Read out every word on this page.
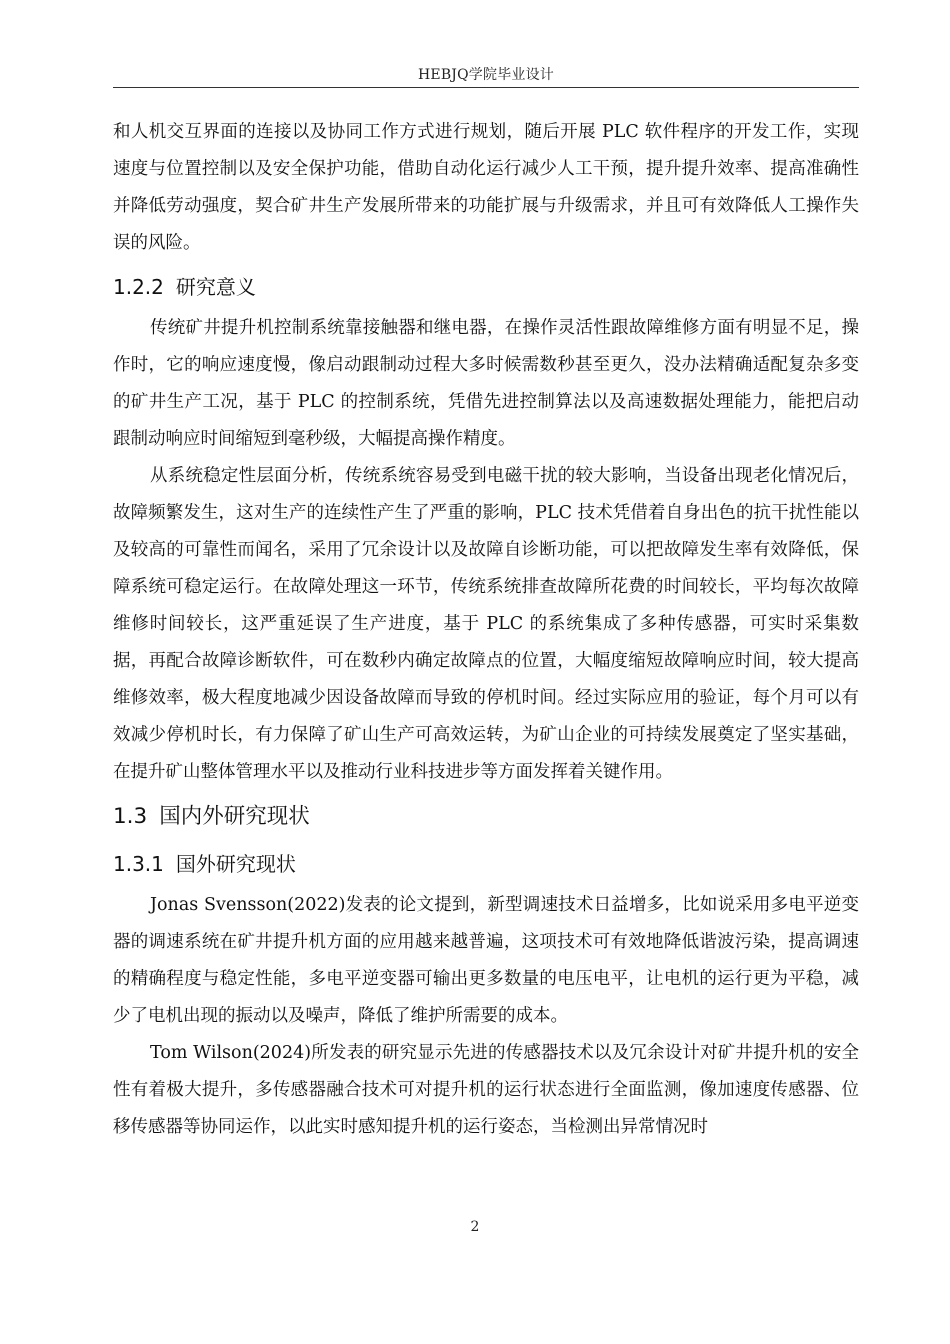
HEBJQ学院毕业设计

和人机交互界面的连接以及协同工作方式进行规划，随后开展 PLC 软件程序的开发工作，实现速度与位置控制以及安全保护功能，借助自动化运行减少人工干预，提升提升效率、提高准确性并降低劳动强度，契合矿井生产发展所带来的功能扩展与升级需求，并且可有效降低人工操作失误的风险。

1.2.2 研究意义

传统矿井提升机控制系统靠接触器和继电器，在操作灵活性跟故障维修方面有明显不足，操作时，它的响应速度慢，像启动跟制动过程大多时候需数秒甚至更久，没办法精确适配复杂多变的矿井生产工况，基于 PLC 的控制系统，凭借先进控制算法以及高速数据处理能力，能把启动跟制动响应时间缩短到毫秒级，大幅提高操作精度。

从系统稳定性层面分析，传统系统容易受到电磁干扰的较大影响，当设备出现老化情况后，故障频繁发生，这对生产的连续性产生了严重的影响，PLC 技术凭借着自身出色的抗干扰性能以及较高的可靠性而闻名，采用了冗余设计以及故障自诊断功能，可以把故障发生率有效降低，保障系统可稳定运行。在故障处理这一环节，传统系统排查故障所花费的时间较长，平均每次故障维修时间较长，这严重延误了生产进度，基于 PLC 的系统集成了多种传感器，可实时采集数据，再配合故障诊断软件，可在数秒内确定故障点的位置，大幅度缩短故障响应时间，较大提高维修效率，极大程度地减少因设备故障而导致的停机时间。经过实际应用的验证，每个月可以有效减少停机时长，有力保障了矿山生产可高效运转，为矿山企业的可持续发展奠定了坚实基础，在提升矿山整体管理水平以及推动行业科技进步等方面发挥着关键作用。

1.3 国内外研究现状
1.3.1 国外研究现状

Jonas Svensson(2022)发表的论文提到，新型调速技术日益增多，比如说采用多电平逆变器的调速系统在矿井提升机方面的应用越来越普遍，这项技术可有效地降低谐波污染，提高调速的精确程度与稳定性能，多电平逆变器可输出更多数量的电压电平，让电机的运行更为平稳，减少了电机出现的振动以及噪声，降低了维护所需要的成本。

Tom Wilson(2024)所发表的研究显示先进的传感器技术以及冗余设计对矿井提升机的安全性有着极大提升，多传感器融合技术可对提升机的运行状态进行全面监测，像加速度传感器、位移传感器等协同运作，以此实时感知提升机的运行姿态，当检测出异常情况时

2
